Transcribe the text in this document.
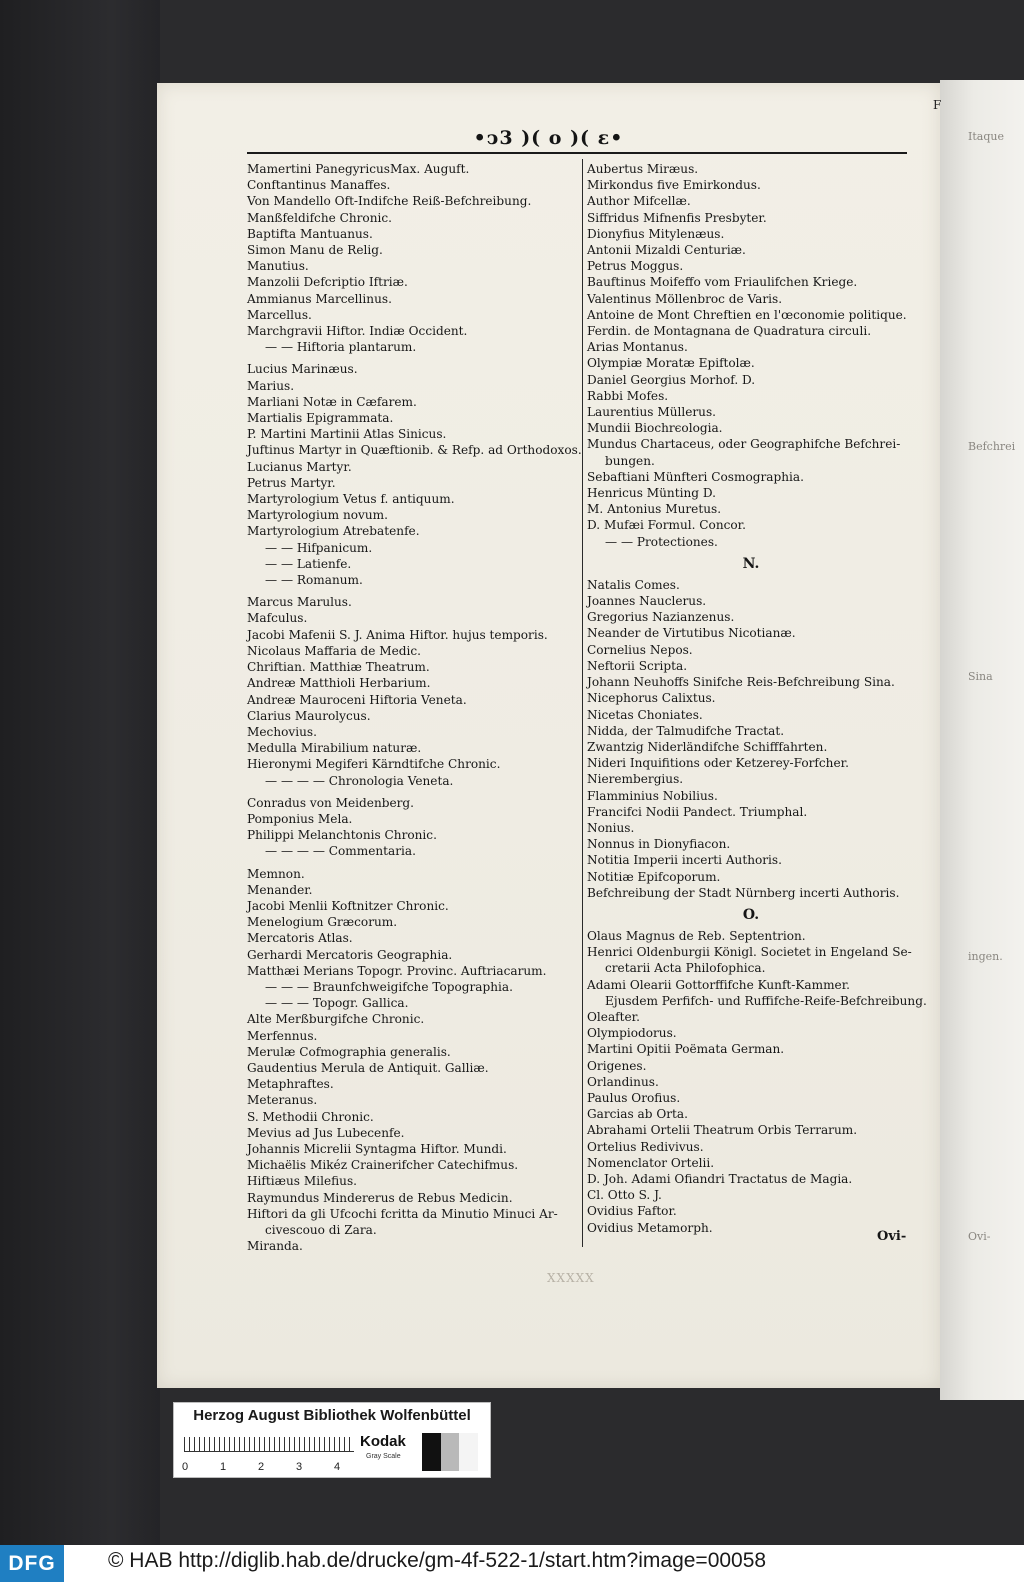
Itaque
Befchrei
Sina
ingen.
Ovi-
•ↄ3 )( o )( ɛ•
Mamertini PanegyricusMax. Auguft.
Conftantinus Manaffes.
Von Mandello Oft-Indifche Reiß-Befchreibung.
Manßfeldifche Chronic.
Baptifta Mantuanus.
Simon Manu de Relig.
Manutius.
Manzolii Defcriptio Iftriæ.
Ammianus Marcellinus.
Marcellus.
Marchgravii Hiftor. Indiæ Occident.
— — Hiftoria plantarum.
Lucius Marinæus.
Marius.
Marliani Notæ in Cæfarem.
Martialis Epigrammata.
P. Martini Martinii Atlas Sinicus.
Juftinus Martyr in Quæftionib. & Refp. ad Orthodoxos.
Lucianus Martyr.
Petrus Martyr.
Martyrologium Vetus f. antiquum.
Martyrologium novum.
Martyrologium Atrebatenfe.
— — Hifpanicum.
— — Latienfe.
— — Romanum.
Marcus Marulus.
Mafculus.
Jacobi Mafenii S. J. Anima Hiftor. hujus temporis.
Nicolaus Maffaria de Medic.
Chriftian. Matthiæ Theatrum.
Andreæ Matthioli Herbarium.
Andreæ Mauroceni Hiftoria Veneta.
Clarius Maurolycus.
Mechovius.
Medulla Mirabilium naturæ.
Hieronymi Megiferi Kärndtifche Chronic.
— — — — Chronologia Veneta.
Conradus von Meidenberg.
Pomponius Mela.
Philippi Melanchtonis Chronic.
— — — — Commentaria.
Memnon.
Menander.
Jacobi Menlii Koftnitzer Chronic.
Menelogium Græcorum.
Mercatoris Atlas.
Gerhardi Mercatoris Geographia.
Matthæi Merians Topogr. Provinc. Auftriacarum.
— — — Braunfchweigifche Topographia.
— — — Topogr. Gallica.
Alte Merßburgifche Chronic.
Merfennus.
Merulæ Cofmographia generalis.
Gaudentius Merula de Antiquit. Galliæ.
Metaphraftes.
Meteranus.
S. Methodii Chronic.
Mevius ad Jus Lubecenfe.
Johannis Micrelii Syntagma Hiftor. Mundi.
Michaëlis Mikéz Crainerifcher Catechifmus.
Hiftiæus Milefius.
Raymundus Mindererus de Rebus Medicin.
Hiftori da gli Ufcochi fcritta da Minutio Minuci Ar-
civescouo di Zara.
Miranda.
Aubertus Miræus.
Mirkondus five Emirkondus.
Author Mifcellæ.
Siffridus Mifnenfis Presbyter.
Dionyfius Mitylenæus.
Antonii Mizaldi Centuriæ.
Petrus Moggus.
Bauftinus Moifeffo vom Friaulifchen Kriege.
Valentinus Möllenbroc de Varis.
Antoine de Mont Chreftien en l'œconomie politique.
Ferdin. de Montagnana de Quadratura circuli.
Arias Montanus.
Olympiæ Moratæ Epiftolæ.
Daniel Georgius Morhof. D.
Rabbi Mofes.
Laurentius Müllerus.
Mundii Biochrєologia.
Mundus Chartaceus, oder Geographifche Befchrei-
bungen.
Sebaftiani Münfteri Cosmographia.
Henricus Münting D.
M. Antonius Muretus.
D. Mufæi Formul. Concor.
— — Protectiones.
N.
Natalis Comes.
Joannes Nauclerus.
Gregorius Nazianzenus.
Neander de Virtutibus Nicotianæ.
Cornelius Nepos.
Neftorii Scripta.
Johann Neuhoffs Sinifche Reis-Befchreibung Sina.
Nicephorus Calixtus.
Nicetas Choniates.
Nidda, der Talmudifche Tractat.
Zwantzig Niderländifche Schifffahrten.
Nideri Inquifitions oder Ketzerey-Forfcher.
Nierembergius.
Flamminius Nobilius.
Francifci Nodii Pandect. Triumphal.
Nonius.
Nonnus in Dionyfiacon.
Notitia Imperii incerti Authoris.
Notitiæ Epifcoporum.
Befchreibung der Stadt Nürnberg incerti Authoris.
O.
Olaus Magnus de Reb. Septentrion.
Henrici Oldenburgii Königl. Societet in Engeland Se-
cretarii Acta Philofophica.
Adami Olearii Gottorffifche Kunft-Kammer.
Ejusdem Perfifch- und Ruffifche-Reife-Befchreibung.
Oleafter.
Olympiodorus.
Martini Opitii Poëmata German.
Origenes.
Orlandinus.
Paulus Orofius.
Garcias ab Orta.
Abrahami Ortelii Theatrum Orbis Terrarum.
Ortelius Redivivus.
Nomenclator Ortelii.
D. Joh. Adami Ofiandri Tractatus de Magia.
Cl. Otto S. J.
Ovidius Faftor.
Ovidius Metamorph.
Ovi-
XXXXX
F
Herzog August Bibliothek Wolfenbüttel
0	1	2	3	4
Kodak
Gray Scale
DFG	© HAB http://diglib.hab.de/drucke/gm-4f-522-1/start.htm?image=00058
